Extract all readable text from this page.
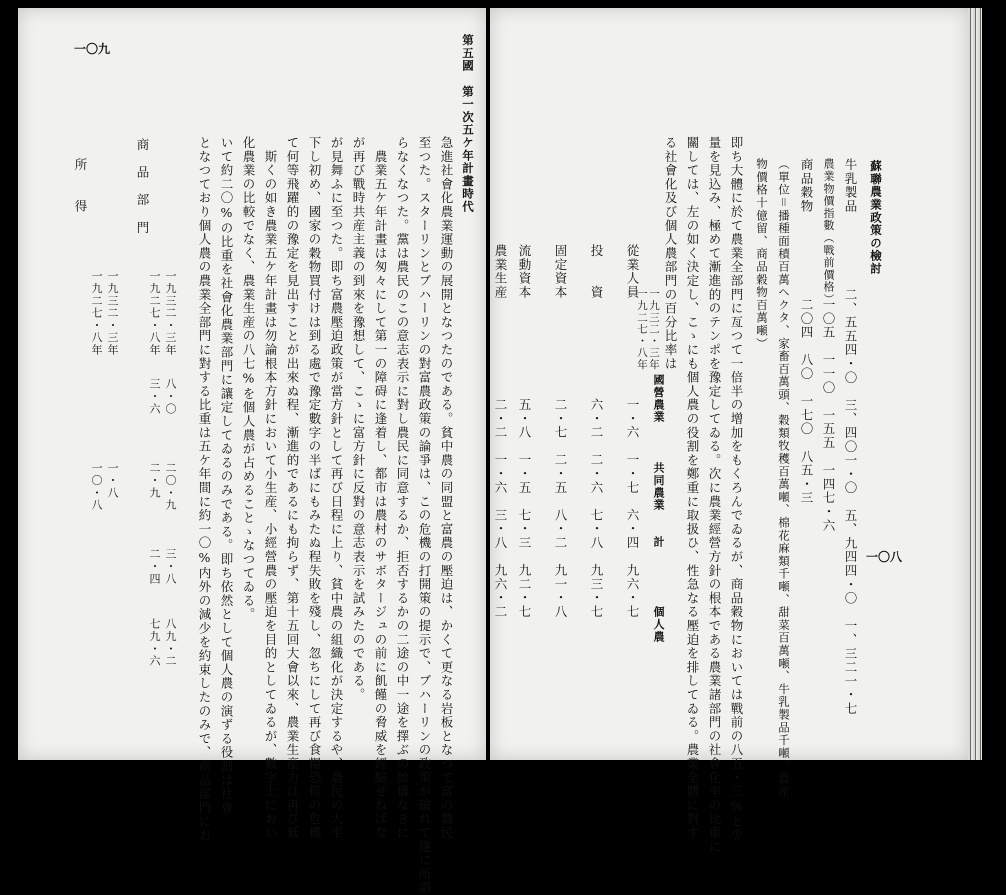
一〇九	第五國　第一次五ケ年計畫時代

急進社會化農業運動の展開となつたのである。貧中農の同盟と富農の壓迫は、かくて更なる岩板となつて富の農民

至つた。スターリンとブハーリンの對富農政策の論爭は、この危機の打開策の提示で、ブハーリンの政策が破れて遂に所謂

らなくなつた。黨は農民のこの意志表示に對し農民に同意するか、拒否するかの二途の中一途を擇ぶの餘儀なきに

　農業五ケ年計畫は匆々にして第一の障碍に逢着し、都市は農村のサボタージュの前に飢饉の脅威を經驗せねばな

が再び戰時共産主義の到來を豫想して、こゝに富方針に反對の意志表示を試みたのである。

が見舞ふに至つた。即ち富農壓迫政策が當方針として再び日程に上り、貧中農の組織化が決定するや、農民の大半

下し初め、國家の穀物買付けは到る處で豫定數字の半ばにもみたぬ程失敗を殘し、忽ちにして再び食糧恐慌の危機

て何等飛躍的の豫定を見出すことが出來ぬ程、漸進的であるにも拘らず、第十五回大會以來、農業生産力は再び低

　斯くの如き農業五ケ年計畫は勿論根本方針において小生産、小經營農の壓迫を目的としてゐるが、數字上におい

化農業の比較でなく、農業生産の八七%を個人農が占めることゝなつてゐる。

いて約二〇%の比重を社會化農業部門に讓定してゐるのみである。即ち依然として個人農の演ずる役割は社會

となつており個人農の農業全部門に對する比重は五ケ年間に約一〇%内外の減少を約束したのみで、商品部門にお

商　品　部　門

所　　得

一九二七・八年 一九三二・三年

一九二七・八年 一九三二・三年

三・六 八・〇

二・九 二〇・九

二・四 三・八

一〇・八 一・八

七九・六 八九・二

一〇八

蘇聯農業政策の檢討

牛乳製品

二、五五四・〇　三、四〇一・〇　五、九四四・〇　一、三二一・七

農業物價指數（戰前價格）

一〇五　一一〇　一五五　一四七・六

商品穀物

二〇四　八〇　一七〇　八五・三

（單位＝播種面積百萬ヘクタ、家畜百萬頭、穀類牧穫百萬噸、棉花麻類千噸、甜菜百萬噸、牛乳製品千噸、農産

物價格十億留、商品穀物百萬噸）

即ち大體に於て農業全部門に亙つて一倍半の增加をもくろんでゐるが、商品穀物においては戰前の八五・三%と少

量を見込み、極めて漸進的のテンポを豫定してゐる。次に農業經營方針の根本である農業諸部門の社會化率の比重に

關しては、左の如く決定し、こゝにも個人農の役割を鄭重に取扱ひ、性急なる壓迫を排してゐる。農業全體に對す

る社會化及び個人農部門の百分比率は

國營農業

共同農業

計

個人農

從業人員

一・六　一・七　六・四　九六・七

投　　資

六・二　二・六　七・八　九三・七

固定資本

二・七　二・五　八・二　九一・八

流動資本

五・八　一・五　七・三　九二・七

農業生産

二・二　一・六　三・八　九六・二

一九二七・八年 一九三二・三年
